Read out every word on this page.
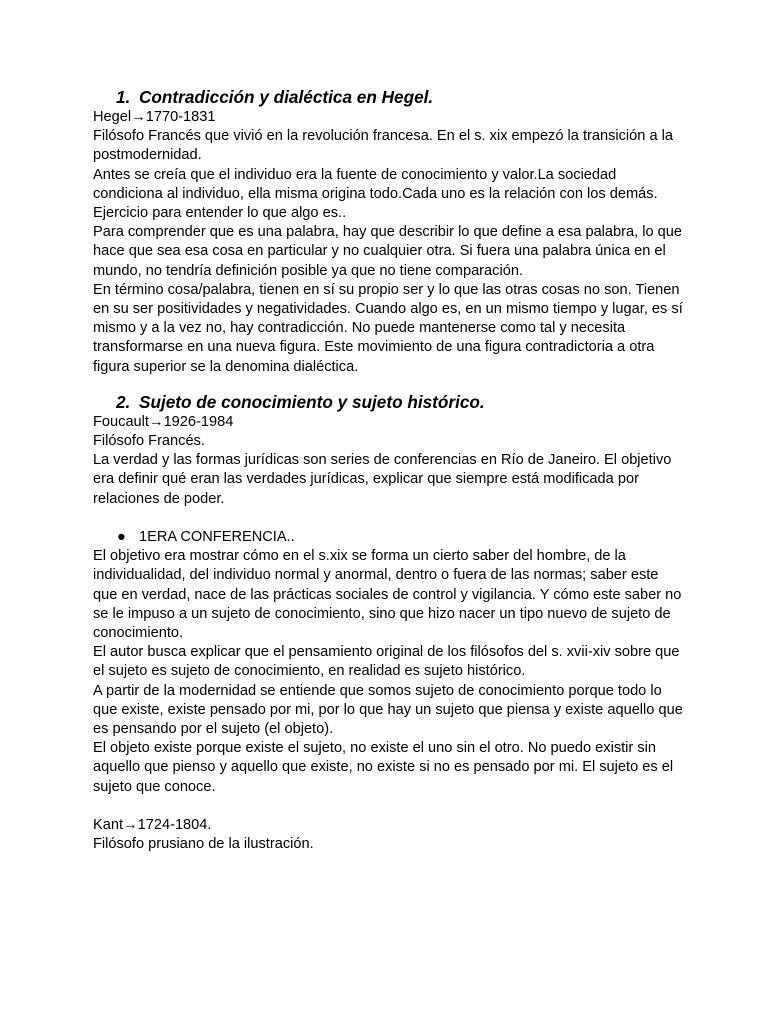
1. Contradicción y dialéctica en Hegel.

Hegel→1770-1831

Filósofo Francés que vivió en la revolución francesa. En el s. xix empezó la transición a la postmodernidad.

Antes se creía que el individuo era la fuente de conocimiento y valor.La sociedad condiciona al individuo, ella misma origina todo.Cada uno es la relación con los demás.

Ejercicio para entender lo que algo es..

Para comprender que es una palabra, hay que describir lo que define a esa palabra, lo que hace que sea esa cosa en particular y no cualquier otra. Si fuera una palabra única en el mundo, no tendría definición posible ya que no tiene comparación.

En término cosa/palabra, tienen en sí su propio ser y lo que las otras cosas no son. Tienen en su ser positividades y negatividades. Cuando algo es, en un mismo tiempo y lugar, es sí mismo y a la vez no, hay contradicción. No puede mantenerse como tal y necesita transformarse en una nueva figura. Este movimiento de una figura contradictoria a otra figura superior se la denomina dialéctica.

2. Sujeto de conocimiento y sujeto histórico.

Foucault→1926-1984

Filósofo Francés.

La verdad y las formas jurídicas son series de conferencias en Río de Janeiro. El objetivo era definir qué eran las verdades jurídicas, explicar que siempre está modificada por relaciones de poder.

● 1ERA CONFERENCIA..

El objetivo era mostrar cómo en el s.xix se forma un cierto saber del hombre, de la individualidad, del individuo normal y anormal, dentro o fuera de las normas; saber este que en verdad, nace de las prácticas sociales de control y vigilancia. Y cómo este saber no se le impuso a un sujeto de conocimiento, sino que hizo nacer un tipo nuevo de sujeto de conocimiento.

El autor busca explicar que el pensamiento original de los filósofos del s. xvii-xiv sobre que el sujeto es sujeto de conocimiento, en realidad es sujeto histórico.

A partir de la modernidad se entiende que somos sujeto de conocimiento porque todo lo que existe, existe pensado por mi, por lo que hay un sujeto que piensa y existe aquello que es pensando por el sujeto (el objeto).

El objeto existe porque existe el sujeto, no existe el uno sin el otro. No puedo existir sin aquello que pienso y aquello que existe, no existe si no es pensado por mi. El sujeto es el sujeto que conoce.

Kant→1724-1804.

Filósofo prusiano de la ilustración.
